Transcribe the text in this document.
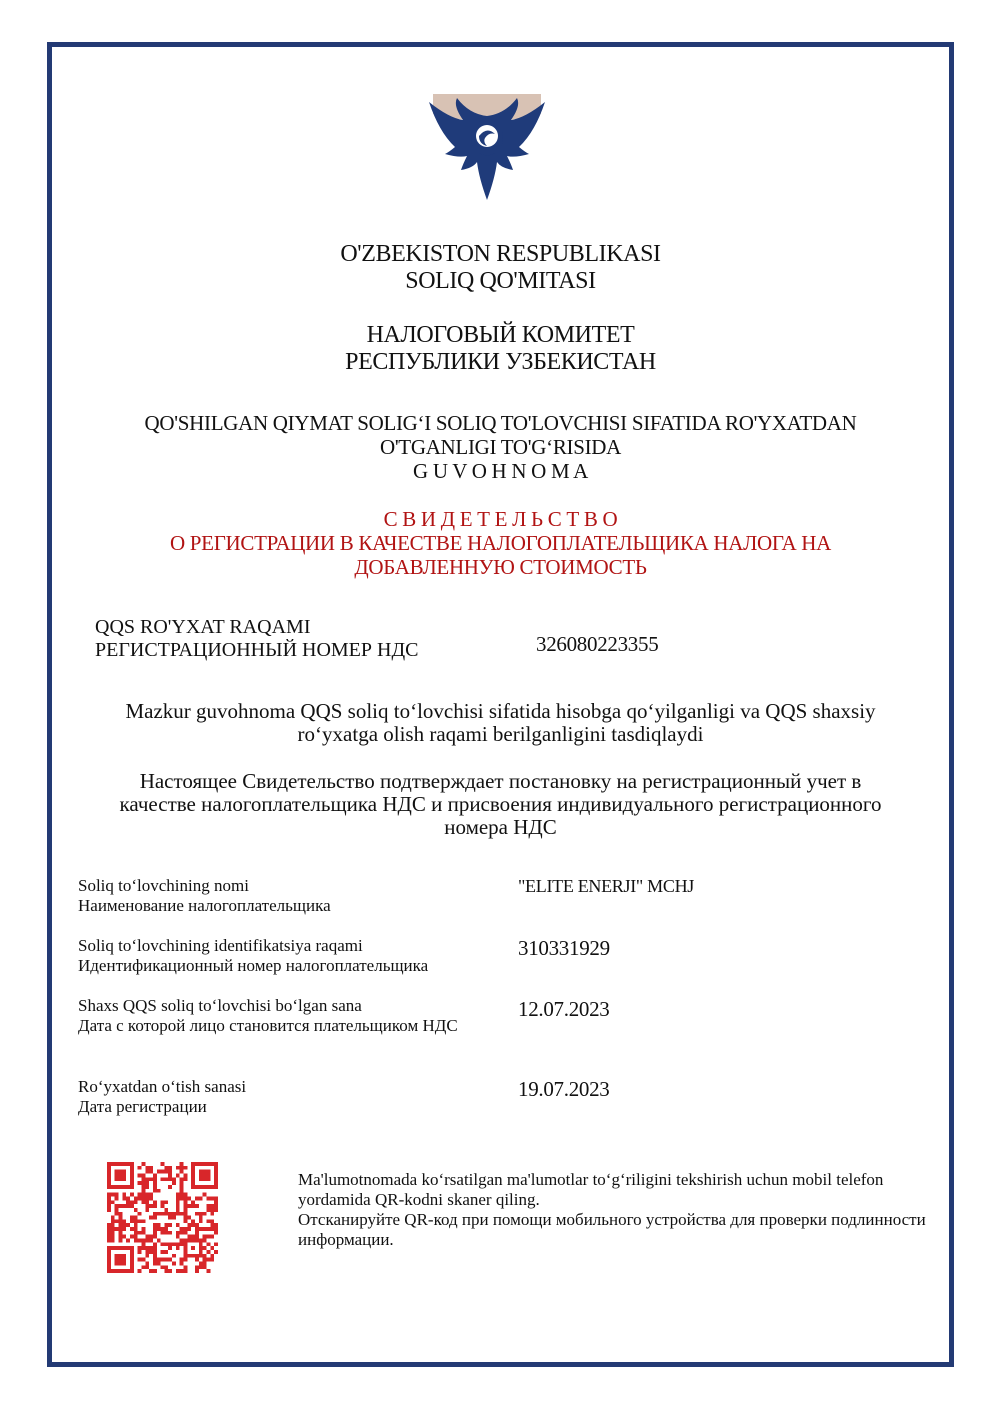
O'ZBEKISTON RESPUBLIKASI
SOLIQ QO'MITASI
НАЛОГОВЫЙ КОМИТЕТ
РЕСПУБЛИКИ УЗБЕКИСТАН
QO'SHILGAN QIYMAT SOLIG‘I SOLIQ TO'LOVCHISI SIFATIDA RO'YXATDAN
O'TGANLIGI TO'G‘RISIDA
G U V O H N O M A
С В И Д Е Т Е Л Ь С Т В О
О РЕГИСТРАЦИИ В КАЧЕСТВЕ НАЛОГОПЛАТЕЛЬЩИКА НАЛОГА НА
ДОБАВЛЕННУЮ СТОИМОСТЬ
QQS RO'YXAT RAQAMI
РЕГИСТРАЦИОННЫЙ НОМЕР НДС	326080223355
Mazkur guvohnoma QQS soliq to‘lovchisi sifatida hisobga qo‘yilganligi va QQS shaxsiy
ro‘yxatga olish raqami berilganligini tasdiqlaydi
Настоящее Свидетельство подтверждает постановку на регистрационный учет в
качестве налогоплательщика НДС и присвоения индивидуального регистрационного
номера НДС
Soliq to‘lovchining nomi
Наименование налогоплательщика
"ELITE ENERJI" MCHJ
Soliq to‘lovchining identifikatsiya raqami
Идентификационный номер налогоплательщика
310331929
Shaxs QQS soliq to‘lovchisi bo‘lgan sana
Дата с которой лицо становится плательщиком НДС
12.07.2023
Ro‘yxatdan o‘tish sanasi
Дата регистрации
19.07.2023
Ma'lumotnomada ko‘rsatilgan ma'lumotlar to‘g‘riligini tekshirish uchun mobil telefon yordamida QR-kodni skaner qiling.
Отсканируйте QR-код при помощи мобильного устройства для проверки подлинности информации.
